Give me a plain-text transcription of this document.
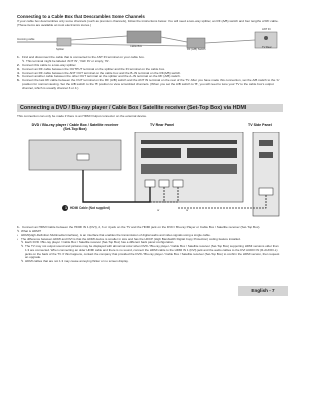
Connecting to a Cable Box that Descrambles Some Channels
If your cable box descrambles only some channels (such as premium channels), follow the instructions below. You will need a two-way splitter, an RF (A/B) switch and four lengths of RF cable. (These items are available at most electronics stores.)
Incoming cable
Splitter
Cable Box
RF (A/B) Switch
ANT IN
TV Rear
1. Find and disconnect the cable that is connected to the ANT IN terminal on your cable box.
✎ This terminal might be labeled 'ANT IN', 'VHF IN' or simply, 'IN'.
2. Connect this cable to a two-way splitter.
3. Connect an RF cable between the OUTPUT terminal on the splitter and the IN terminal on the cable box.
4. Connect an RF cable between the ANT OUT terminal on the cable box and the B–IN terminal on the RF(A/B) switch.
5. Connect another cable between the other OUT terminal on the splitter and the A–IN terminal on the RF (A/B) switch.
6. Connect the last RF cable between the OUT terminal on the RF (A/B) switch and the ANT IN terminal on the rear of the TV. After you have made this connection, set the A/B switch to the 'A' position for normal viewing. Set the A/B switch to the 'B' position to view scrambled channels. (When you set the A/B switch to 'B', you will need to tune your TV to the cable box's output channel, which is usually channel 3 or 4.)
Connecting a DVD / Blu-ray player / Cable Box / Satellite receiver (Set-Top Box) via HDMI
This connection can only be made if there is an HDMI Output connector on the external device.
DVD / Blu-ray player / Cable Box / Satellite receiver (Set-Top Box)
TV Rear Panel	TV Side Panel
1 HDMI Cable (Not supplied)
or	or
1. Connect an HDMI Cable between the HDMI IN 1 (DVI), 2, 3 or 4 jack on the TV and the HDMI jack on the DVD / Blu-ray Player or Cable Box / Satellite receiver (Set-Top Box).
✎ What is HDMI?
• HDMI(High-Definition Multimedia Interface), is an interface that enables the transmission of digital audio and video signals using a single cable.
• The difference between HDMI and DVI is that the HDMI device is smaller in size and has the HDCP (High Bandwidth Digital Copy Protection) coding feature installed.
✎ Each DVD / Blu-ray player / Cable Box / Satellite receiver (Set-Top Box) has a different back panel configuration.
✎ The TV may not output sound and pictures may be displayed with abnormal color when DVD / Blu-ray player / Cable Box / Satellite receiver (Set-Top Box) supporting HDMI versions older than 1.3 are connected. When connecting an older HDMI cable and there is no sound, connect the HDMI cable to the HDMI IN 1 (DVI) jack and the audio cables to the DVI AUDIO IN (R-AUDIO-L) jacks on the back of the TV. If this happens, contact the company that provided the DVD / Blu-ray player / Cable Box / Satellite receiver (Set-Top Box) to confirm the HDMI version, then request an upgrade.
✎ HDMI cables that are not 1.3 may cause annoying flicker or no screen display.
English - 7
